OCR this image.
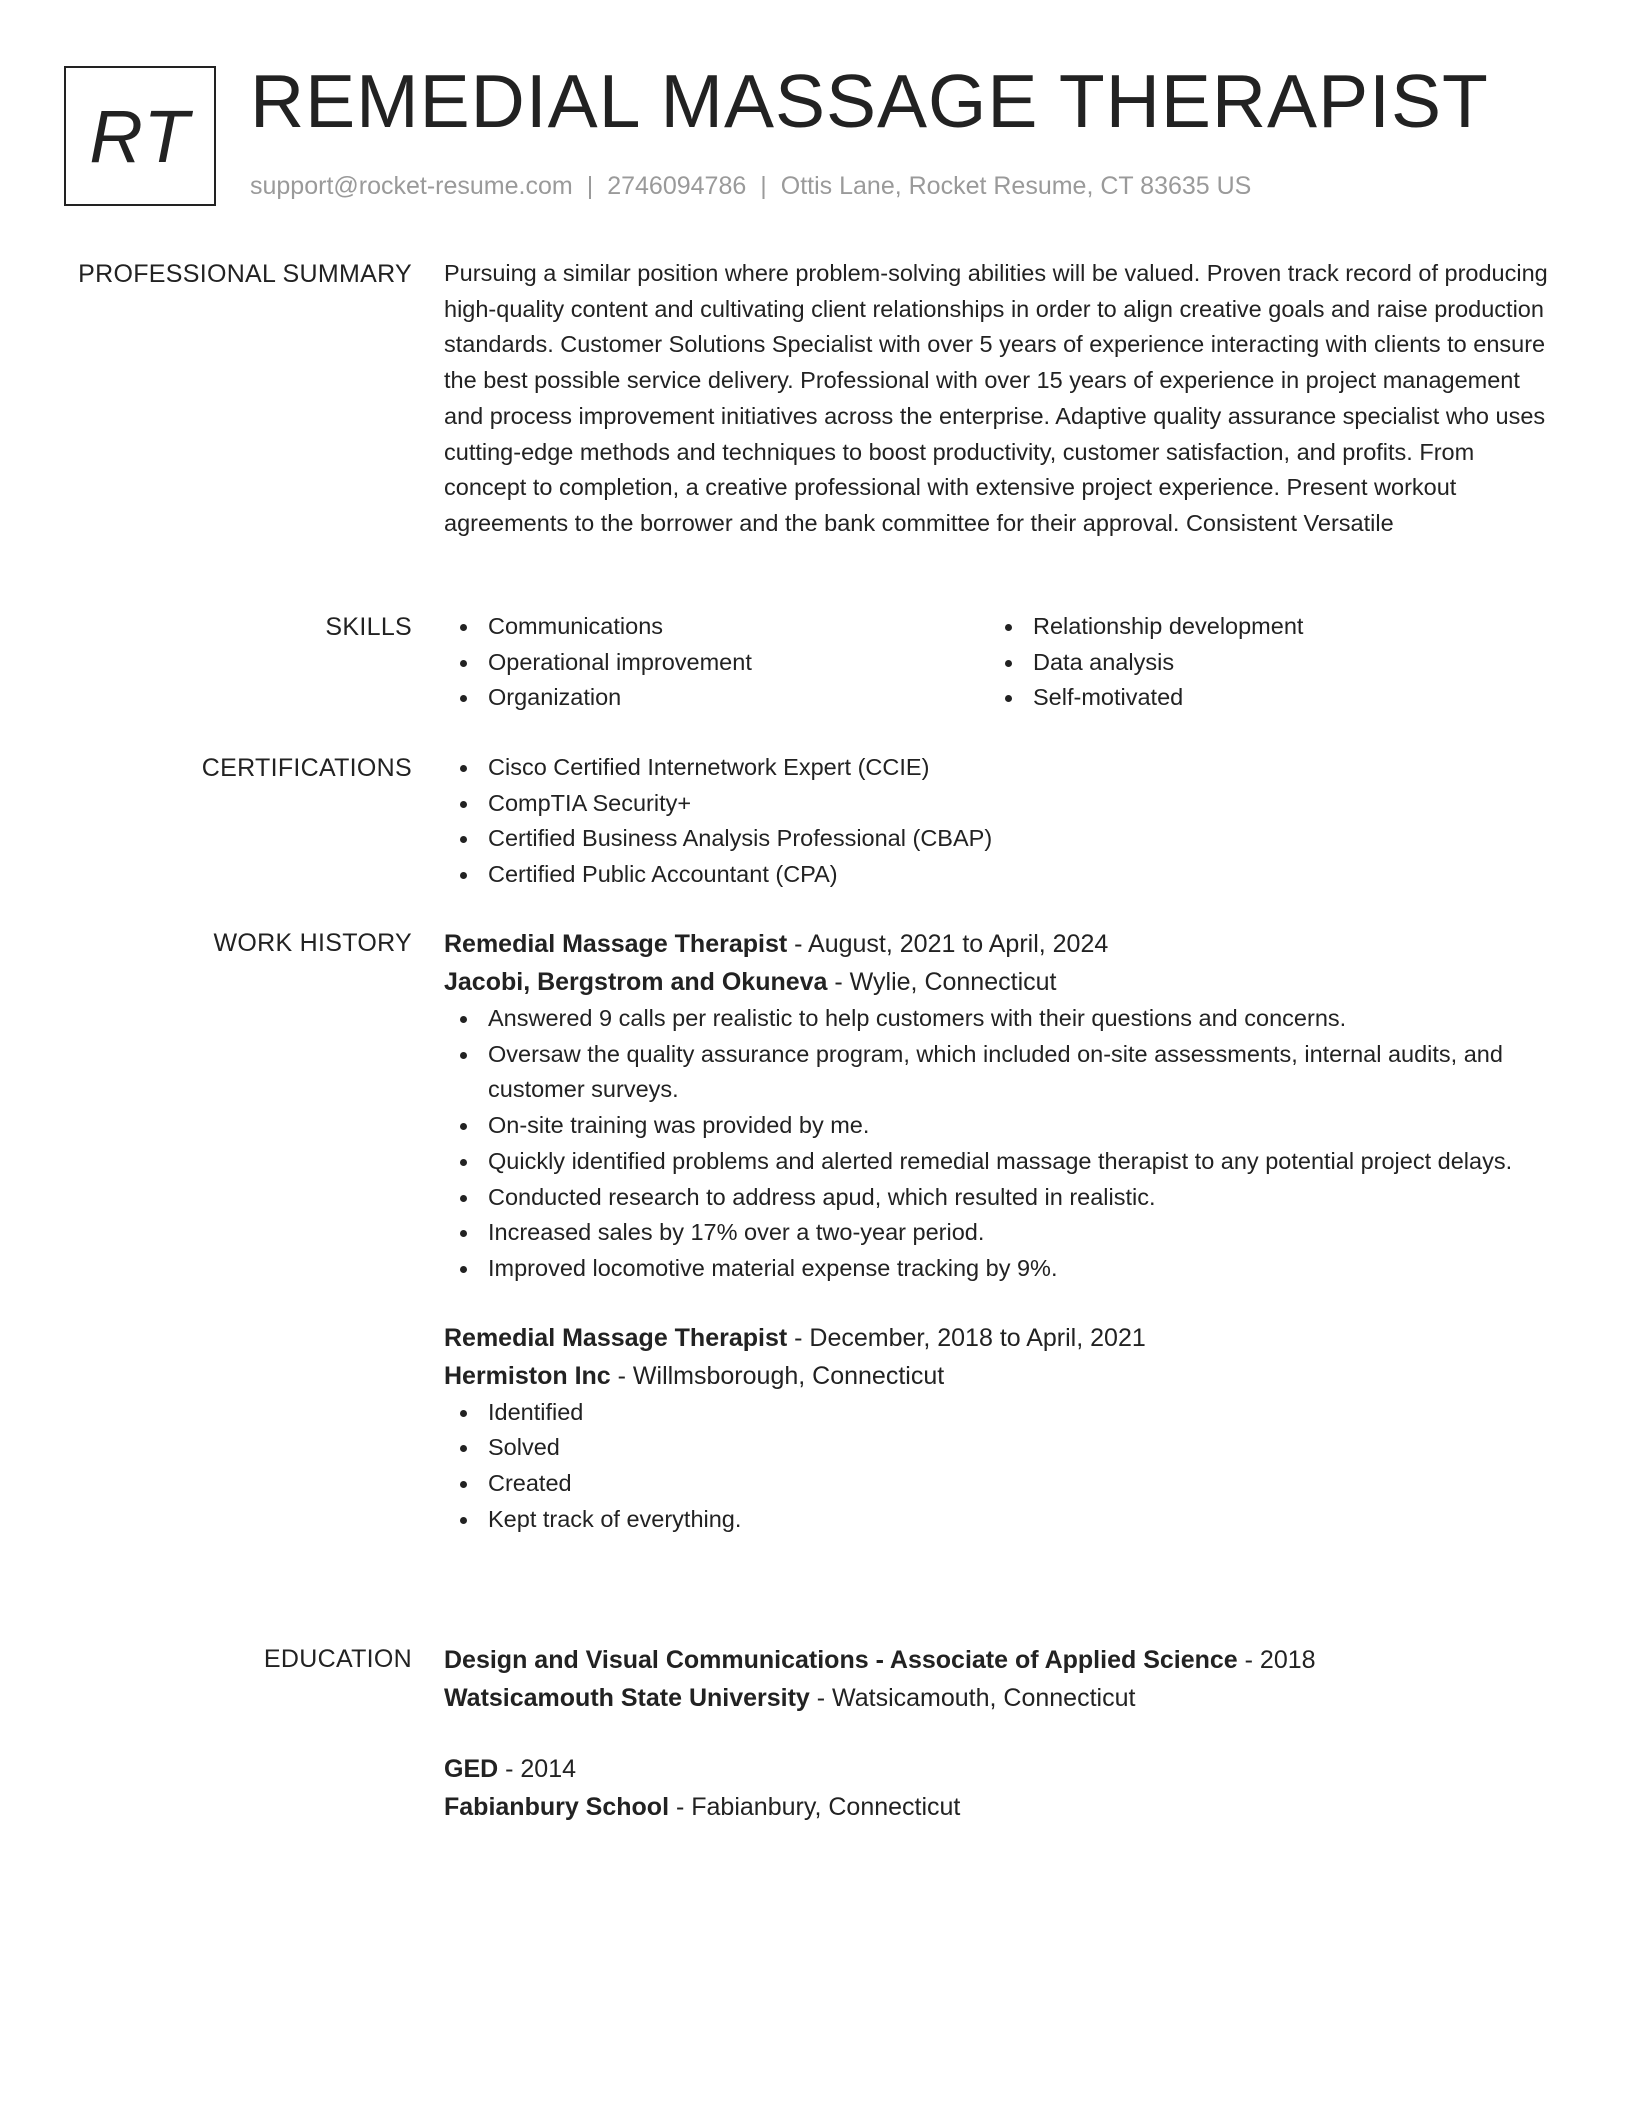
RT REMEDIAL MASSAGE THERAPIST
support@rocket-resume.com | 2746094786 | Ottis Lane, Rocket Resume, CT 83635 US
PROFESSIONAL SUMMARY Pursuing a similar position where problem-solving abilities will be valued. Proven track record of producing high-quality content and cultivating client relationships in order to align creative goals and raise production standards. Customer Solutions Specialist with over 5 years of experience interacting with clients to ensure the best possible service delivery. Professional with over 15 years of experience in project management and process improvement initiatives across the enterprise. Adaptive quality assurance specialist who uses cutting-edge methods and techniques to boost productivity, customer satisfaction, and profits. From concept to completion, a creative professional with extensive project experience. Present workout agreements to the borrower and the bank committee for their approval. Consistent Versatile

SKILLS	Communications
Operational improvement
Organization
Relationship development
Data analysis
Self-motivated
CERTIFICATIONS	Cisco Certified Internetwork Expert (CCIE)
CompTIA Security+
Certified Business Analysis Professional (CBAP)
Certified Public Accountant (CPA)
WORK HISTORY Remedial Massage Therapist - August, 2021 to April, 2024
Jacobi, Bergstrom and Okuneva - Wylie, Connecticut
Answered 9 calls per realistic to help customers with their questions and concerns.
Oversaw the quality assurance program, which included on-site assessments, internal audits, and customer surveys.
On-site training was provided by me.
Quickly identified problems and alerted remedial massage therapist to any potential project delays.
Conducted research to address apud, which resulted in realistic.
Increased sales by 17% over a two-year period.
Improved locomotive material expense tracking by 9%.
Remedial Massage Therapist - December, 2018 to April, 2021
Hermiston Inc - Willmsborough, Connecticut
Identified
Solved
Created
Kept track of everything.
EDUCATION Design and Visual Communications - Associate of Applied Science - 2018
Watsicamouth State University - Watsicamouth, Connecticut
GED - 2014
Fabianbury School - Fabianbury, Connecticut
